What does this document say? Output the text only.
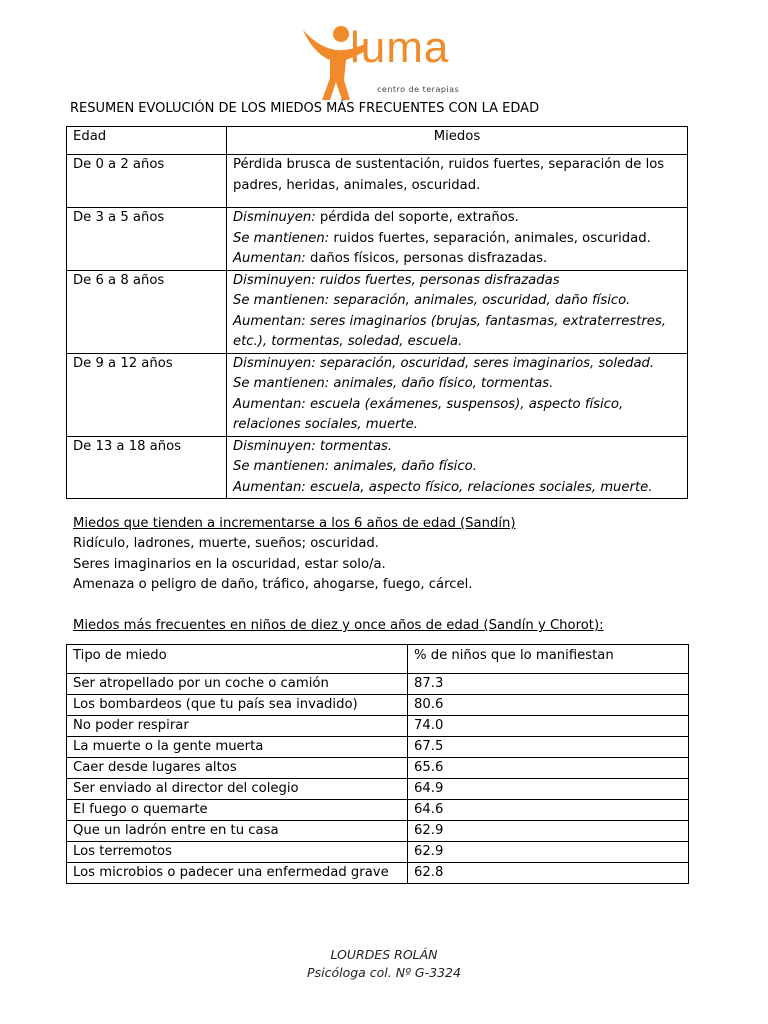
luma
centro de terapias
RESUMEN EVOLUCIÓN DE LOS MIEDOS MÁS FRECUENTES CON LA EDAD
Edad	Miedos
De 0 a 2 años	Pérdida brusca de sustentación, ruidos fuertes, separación de los padres, heridas, animales, oscuridad.
De 3 a 5 años	Disminuyen: pérdida del soporte, extraños.
Se mantienen: ruidos fuertes, separación, animales, oscuridad.
Aumentan: daños físicos, personas disfrazadas.

De 6 a 8 años	Disminuyen: ruidos fuertes, personas disfrazadas
Se mantienen: separación, animales, oscuridad, daño físico.
Aumentan: seres imaginarios (brujas, fantasmas, extraterrestres, etc.), tormentas, soledad, escuela.

De 9 a 12 años	Disminuyen: separación, oscuridad, seres imaginarios, soledad.
Se mantienen: animales, daño físico, tormentas.
Aumentan: escuela (exámenes, suspensos), aspecto físico, relaciones sociales, muerte.

De 13 a 18 años	Disminuyen: tormentas.
Se mantienen: animales, daño físico.
Aumentan: escuela, aspecto físico, relaciones sociales, muerte.
Miedos que tienden a incrementarse a los 6 años de edad (Sandín)
Ridículo, ladrones, muerte, sueños; oscuridad.
Seres imaginarios en la oscuridad, estar solo/a.
Amenaza o peligro de daño, tráfico, ahogarse, fuego, cárcel.
Miedos más frecuentes en niños de diez y once años de edad (Sandín y Chorot):
Tipo de miedo	% de niños que lo manifiestan
Ser atropellado por un coche o camión	87.3
Los bombardeos (que tu país sea invadido)	80.6
No poder respirar	74.0
La muerte o la gente muerta	67.5
Caer desde lugares altos	65.6
Ser enviado al director del colegio	64.9
El fuego o quemarte	64.6
Que un ladrón entre en tu casa	62.9
Los terremotos	62.9
Los microbios o padecer una enfermedad grave	62.8
LOURDES ROLÁN
Psicóloga col. Nº G-3324
